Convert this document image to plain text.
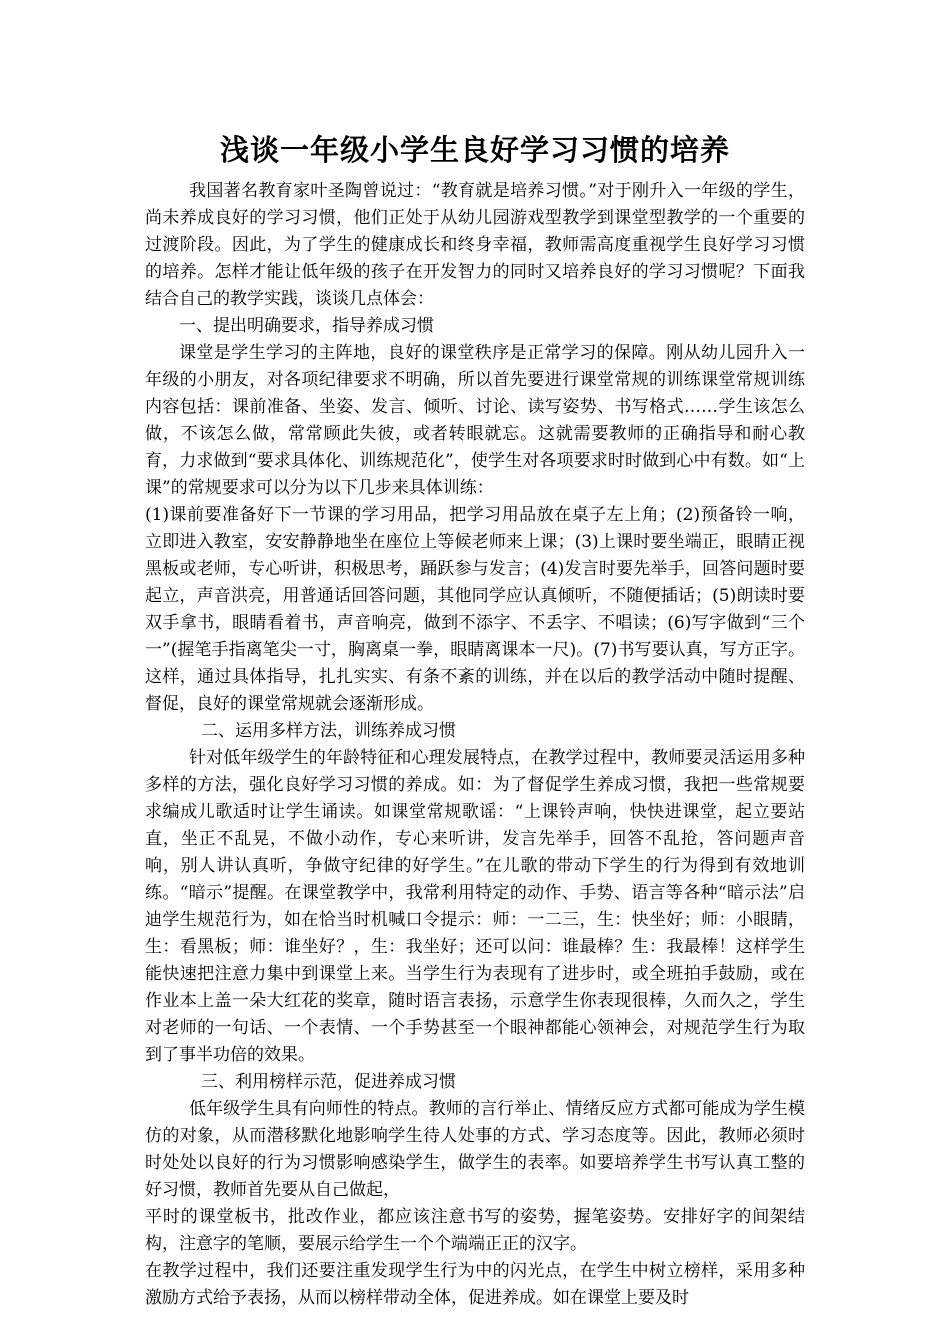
浅谈一年级小学生良好学习习惯的培养

我国著名教育家叶圣陶曾说过：“教育就是培养习惯。”对于刚升入一年级的学生，尚未养成良好的学习习惯，他们正处于从幼儿园游戏型教学到课堂型教学的一个重要的过渡阶段。因此，为了学生的健康成长和终身幸福，教师需高度重视学生良好学习习惯的培养。怎样才能让低年级的孩子在开发智力的同时又培养良好的学习习惯呢？下面我结合自己的教学实践，谈谈几点体会：

一、提出明确要求，指导养成习惯

课堂是学生学习的主阵地，良好的课堂秩序是正常学习的保障。刚从幼儿园升入一年级的小朋友，对各项纪律要求不明确，所以首先要进行课堂常规的训练课堂常规训练内容包括：课前准备、坐姿、发言、倾听、讨论、读写姿势、书写格式……学生该怎么做，不该怎么做，常常顾此失彼，或者转眼就忘。这就需要教师的正确指导和耐心教育，力求做到“要求具体化、训练规范化”，使学生对各项要求时时做到心中有数。如“上课”的常规要求可以分为以下几步来具体训练：

(1)课前要准备好下一节课的学习用品，把学习用品放在桌子左上角；(2)预备铃一响，立即进入教室，安安静静地坐在座位上等候老师来上课；(3)上课时要坐端正，眼睛正视黑板或老师，专心听讲，积极思考，踊跃参与发言；(4)发言时要先举手，回答问题时要起立，声音洪亮，用普通话回答问题，其他同学应认真倾听，不随便插话；(5)朗读时要双手拿书，眼睛看着书，声音响亮，做到不添字、不丢字、不唱读；(6)写字做到“三个一”(握笔手指离笔尖一寸，胸离桌一拳，眼睛离课本一尺)。(7)书写要认真，写方正字。这样，通过具体指导，扎扎实实、有条不紊的训练，并在以后的教学活动中随时提醒、督促，良好的课堂常规就会逐渐形成。

二、运用多样方法，训练养成习惯

针对低年级学生的年龄特征和心理发展特点，在教学过程中，教师要灵活运用多种多样的方法，强化良好学习习惯的养成。如：为了督促学生养成习惯，我把一些常规要求编成儿歌适时让学生诵读。如课堂常规歌谣：“上课铃声响，快快进课堂，起立要站直，坐正不乱晃，不做小动作，专心来听讲，发言先举手，回答不乱抢，答问题声音响，别人讲认真听，争做守纪律的好学生。”在儿歌的带动下学生的行为得到有效地训练。“暗示”提醒。在课堂教学中，我常利用特定的动作、手势、语言等各种“暗示法”启迪学生规范行为，如在恰当时机喊口令提示：师：一二三，生：快坐好；师：小眼睛，生：看黑板；师：谁坐好？，生：我坐好；还可以问：谁最棒？生：我最棒！这样学生能快速把注意力集中到课堂上来。当学生行为表现有了进步时，或全班拍手鼓励，或在作业本上盖一朵大红花的奖章，随时语言表扬，示意学生你表现很棒，久而久之，学生对老师的一句话、一个表情、一个手势甚至一个眼神都能心领神会，对规范学生行为取到了事半功倍的效果。

三、利用榜样示范，促进养成习惯

低年级学生具有向师性的特点。教师的言行举止、情绪反应方式都可能成为学生模仿的对象，从而潜移默化地影响学生待人处事的方式、学习态度等。因此，教师必须时时处处以良好的行为习惯影响感染学生，做学生的表率。如要培养学生书写认真工整的好习惯，教师首先要从自己做起，

平时的课堂板书，批改作业，都应该注意书写的姿势，握笔姿势。安排好字的间架结构，注意字的笔顺，要展示给学生一个个端端正正的汉字。

在教学过程中，我们还要注重发现学生行为中的闪光点，在学生中树立榜样，采用多种激励方式给予表扬，从而以榜样带动全体，促进养成。如在课堂上要及时
